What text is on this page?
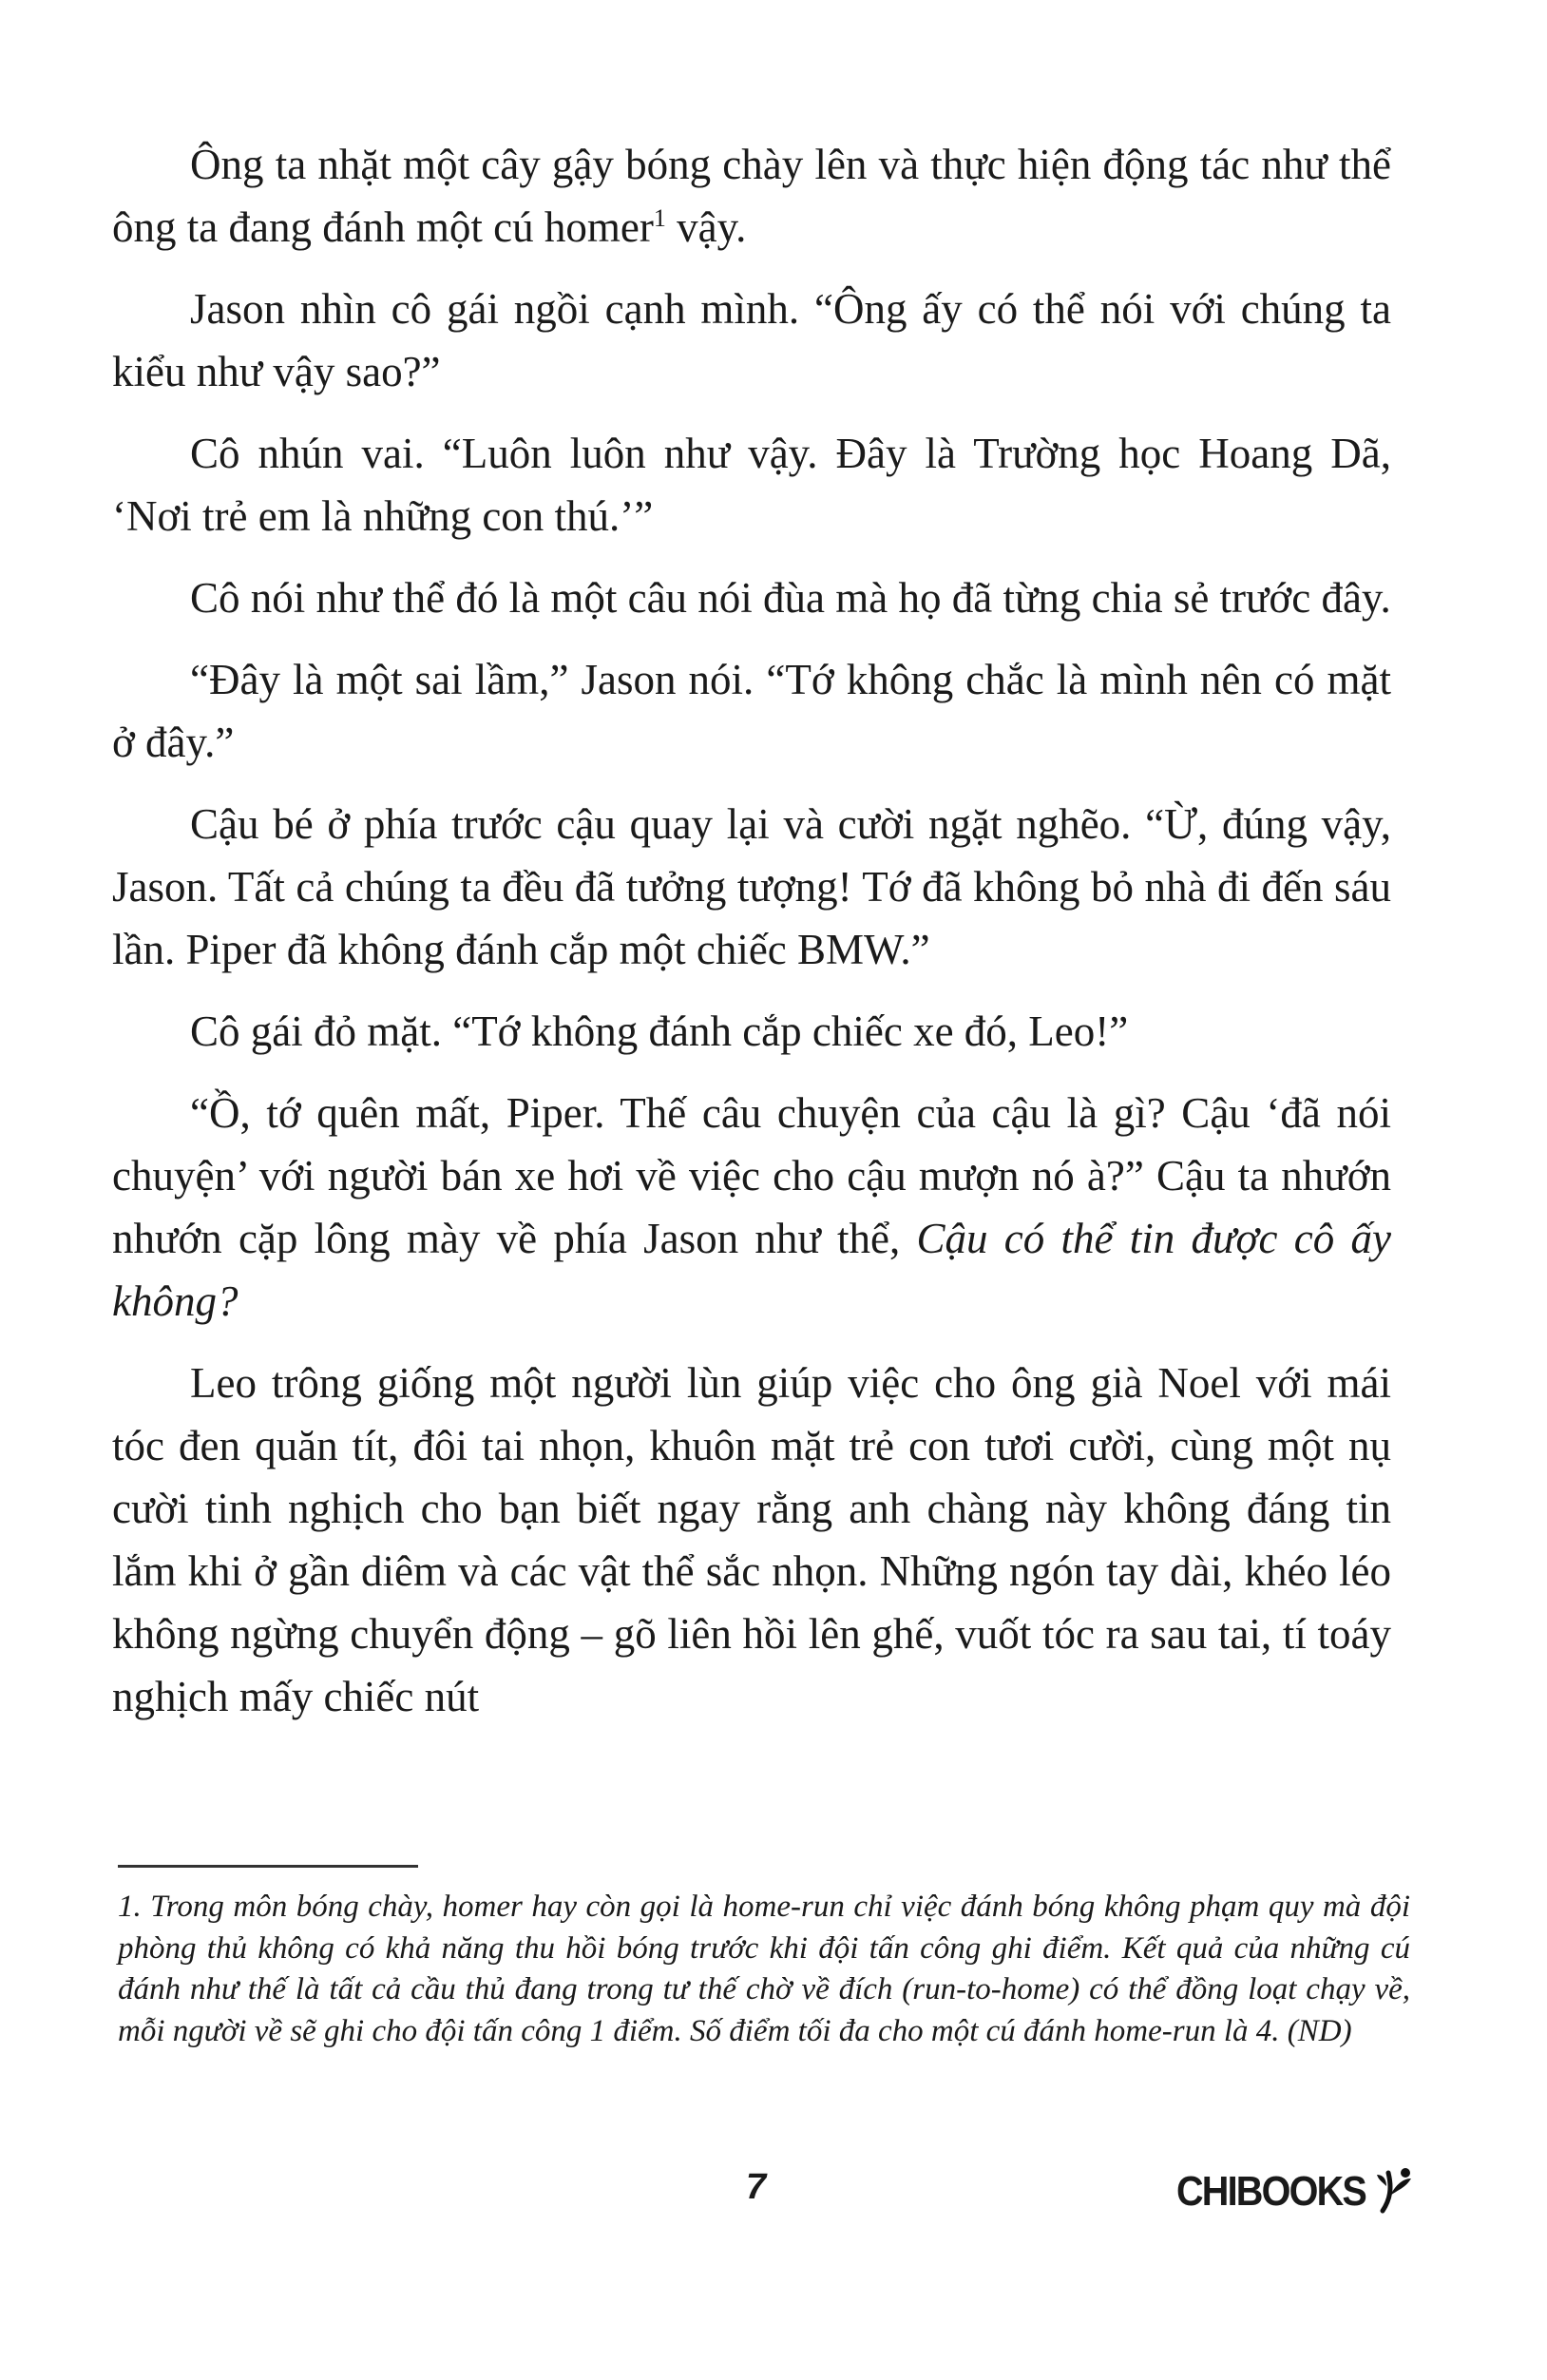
Ông ta nhặt một cây gậy bóng chày lên và thực hiện động tác như thể ông ta đang đánh một cú homer$^1$ vậy.

Jason nhìn cô gái ngồi cạnh mình. “Ông ấy có thể nói với chúng ta kiểu như vậy sao?”

Cô nhún vai. “Luôn luôn như vậy. Đây là Trường học Hoang Dã, ‘Nơi trẻ em là những con thú.’”

Cô nói như thể đó là một câu nói đùa mà họ đã từng chia sẻ trước đây.

“Đây là một sai lầm,” Jason nói. “Tớ không chắc là mình nên có mặt ở đây.”

Cậu bé ở phía trước cậu quay lại và cười ngặt nghẽo. “Ừ, đúng vậy, Jason. Tất cả chúng ta đều đã tưởng tượng! Tớ đã không bỏ nhà đi đến sáu lần. Piper đã không đánh cắp một chiếc BMW.”

Cô gái đỏ mặt. “Tớ không đánh cắp chiếc xe đó, Leo!”

“Ồ, tớ quên mất, Piper. Thế câu chuyện của cậu là gì? Cậu ‘đã nói chuyện’ với người bán xe hơi về việc cho cậu mượn nó à?” Cậu ta nhướn nhướn cặp lông mày về phía Jason như thể, Cậu có thể tin được cô ấy không?

Leo trông giống một người lùn giúp việc cho ông già Noel với mái tóc đen quăn tít, đôi tai nhọn, khuôn mặt trẻ con tươi cười, cùng một nụ cười tinh nghịch cho bạn biết ngay rằng anh chàng này không đáng tin lắm khi ở gần diêm và các vật thể sắc nhọn. Những ngón tay dài, khéo léo không ngừng chuyển động – gõ liên hồi lên ghế, vuốt tóc ra sau tai, tí toáy nghịch mấy chiếc nút

1. Trong môn bóng chày, homer hay còn gọi là home-run chỉ việc đánh bóng không phạm quy mà đội phòng thủ không có khả năng thu hồi bóng trước khi đội tấn công ghi điểm. Kết quả của những cú đánh như thế là tất cả cầu thủ đang trong tư thế chờ về đích (run-to-home) có thể đồng loạt chạy về, mỗi người về sẽ ghi cho đội tấn công 1 điểm. Số điểm tối đa cho một cú đánh home-run là 4. (ND)
7	CHIBOOKS
